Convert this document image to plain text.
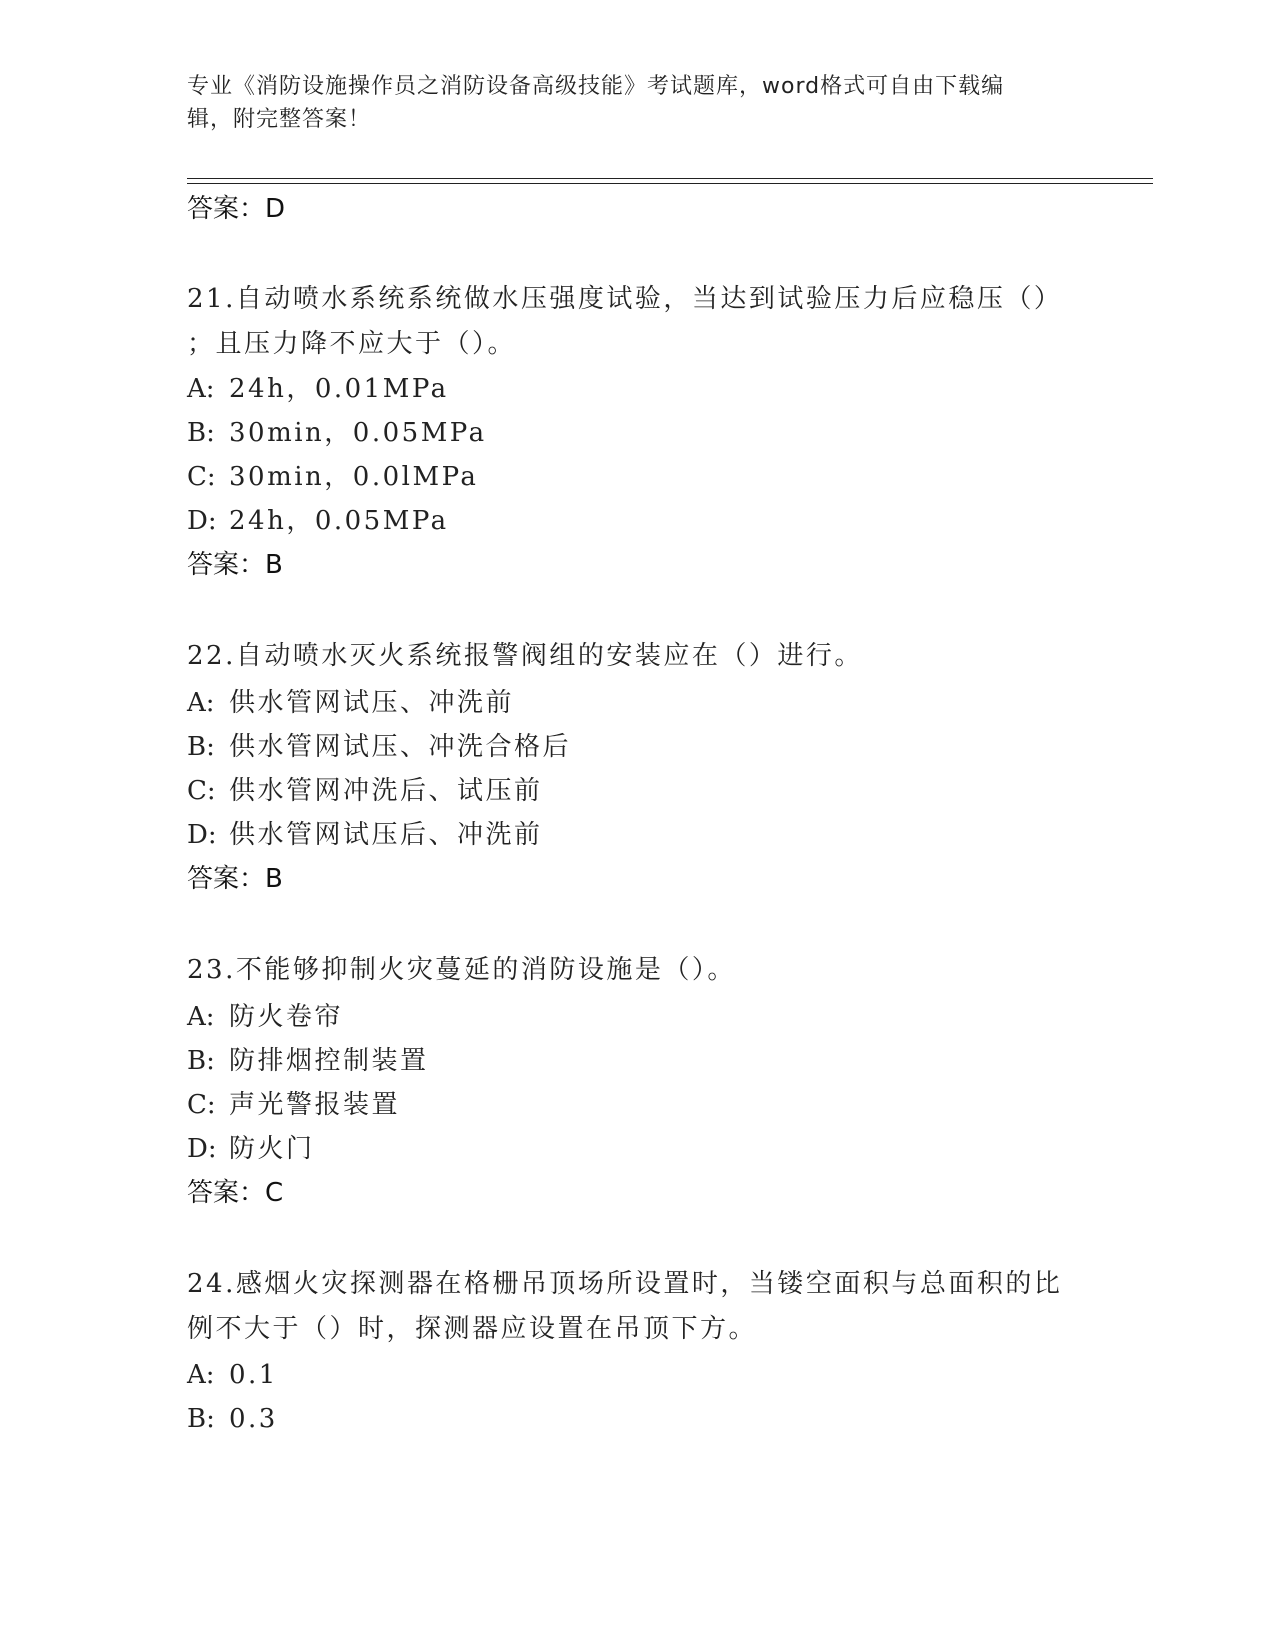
专业《消防设施操作员之消防设备高级技能》考试题库，word格式可自由下载编
辑，附完整答案！
答案：D
21.自动喷水系统系统做水压强度试验，当达到试验压力后应稳压（）
；且压力降不应大于（）。
A: 24h，0.01MPa
B: 30min，0.05MPa
C: 30min，0.0lMPa
D: 24h，0.05MPa
答案：B
22.自动喷水灭火系统报警阀组的安装应在（）进行。
A: 供水管网试压、冲洗前
B: 供水管网试压、冲洗合格后
C: 供水管网冲洗后、试压前
D: 供水管网试压后、冲洗前
答案：B
23.不能够抑制火灾蔓延的消防设施是（）。
A: 防火卷帘
B: 防排烟控制装置
C: 声光警报装置
D: 防火门
答案：C
24.感烟火灾探测器在格栅吊顶场所设置时，当镂空面积与总面积的比
例不大于（）时，探测器应设置在吊顶下方。
A: 0.1
B: 0.3
